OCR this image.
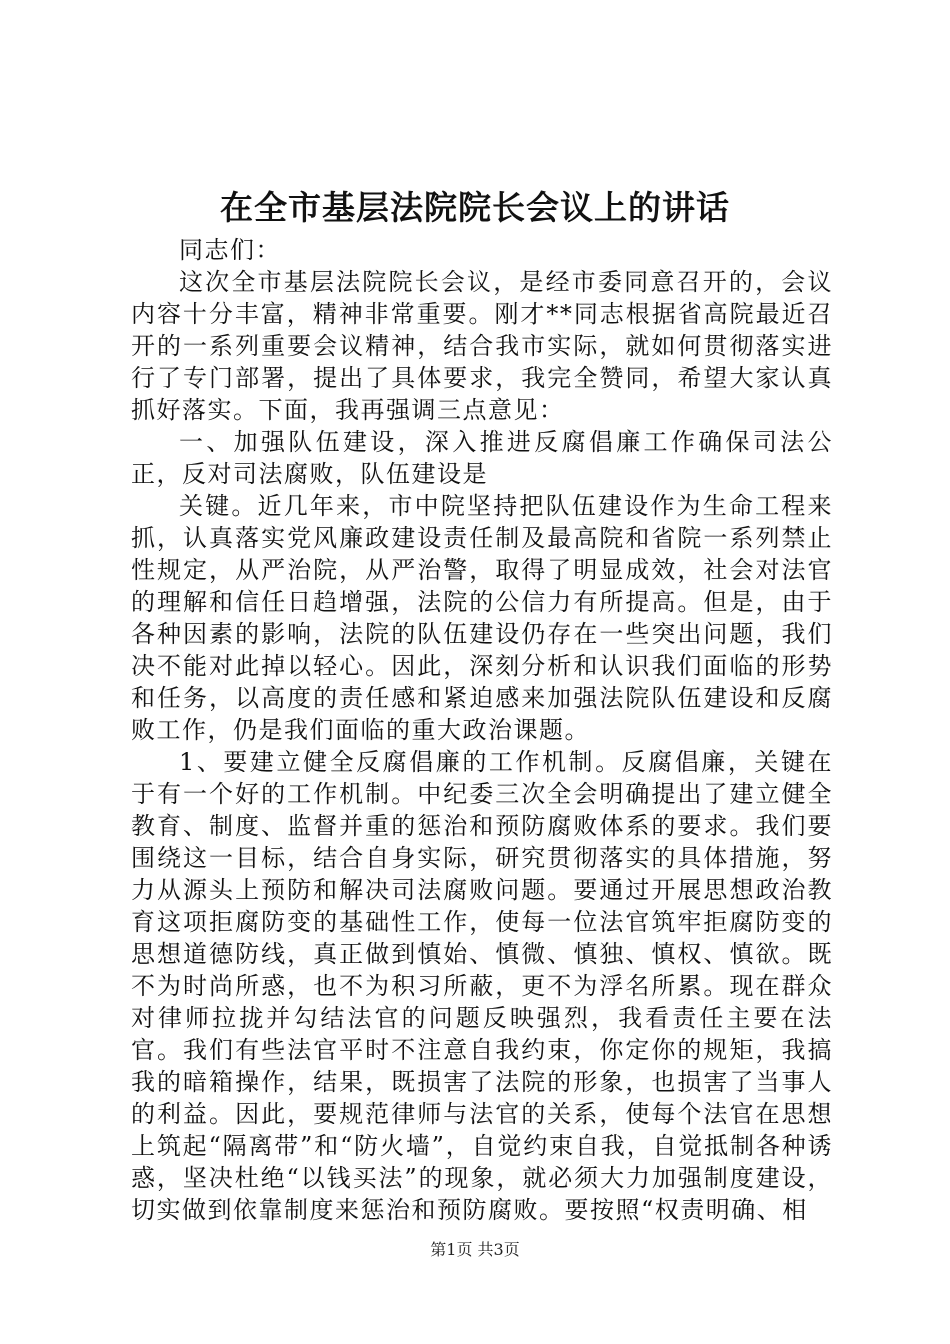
在全市基层法院院长会议上的讲话

同志们：

这次全市基层法院院长会议，是经市委同意召开的，会议内容十分丰富，精神非常重要。刚才**同志根据省高院最近召开的一系列重要会议精神，结合我市实际，就如何贯彻落实进行了专门部署，提出了具体要求，我完全赞同，希望大家认真抓好落实。下面，我再强调三点意见：

一、加强队伍建设，深入推进反腐倡廉工作确保司法公正，反对司法腐败，队伍建设是

关键。近几年来，市中院坚持把队伍建设作为生命工程来抓，认真落实党风廉政建设责任制及最高院和省院一系列禁止性规定，从严治院，从严治警，取得了明显成效，社会对法官的理解和信任日趋增强，法院的公信力有所提高。但是，由于各种因素的影响，法院的队伍建设仍存在一些突出问题，我们决不能对此掉以轻心。因此，深刻分析和认识我们面临的形势和任务，以高度的责任感和紧迫感来加强法院队伍建设和反腐败工作，仍是我们面临的重大政治课题。

1、要建立健全反腐倡廉的工作机制。反腐倡廉，关键在于有一个好的工作机制。中纪委三次全会明确提出了建立健全教育、制度、监督并重的惩治和预防腐败体系的要求。我们要围绕这一目标，结合自身实际，研究贯彻落实的具体措施，努力从源头上预防和解决司法腐败问题。要通过开展思想政治教育这项拒腐防变的基础性工作，使每一位法官筑牢拒腐防变的思想道德防线，真正做到慎始、慎微、慎独、慎权、慎欲。既不为时尚所惑，也不为积习所蔽，更不为浮名所累。现在群众对律师拉拢并勾结法官的问题反映强烈，我看责任主要在法官。我们有些法官平时不注意自我约束，你定你的规矩，我搞我的暗箱操作，结果，既损害了法院的形象，也损害了当事人的利益。因此，要规范律师与法官的关系，使每个法官在思想上筑起“隔离带”和“防火墙”，自觉约束自我，自觉抵制各种诱惑，坚决杜绝“以钱买法”的现象，就必须大力加强制度建设，切实做到依靠制度来惩治和预防腐败。要按照“权责明确、相

第1页 共3页
